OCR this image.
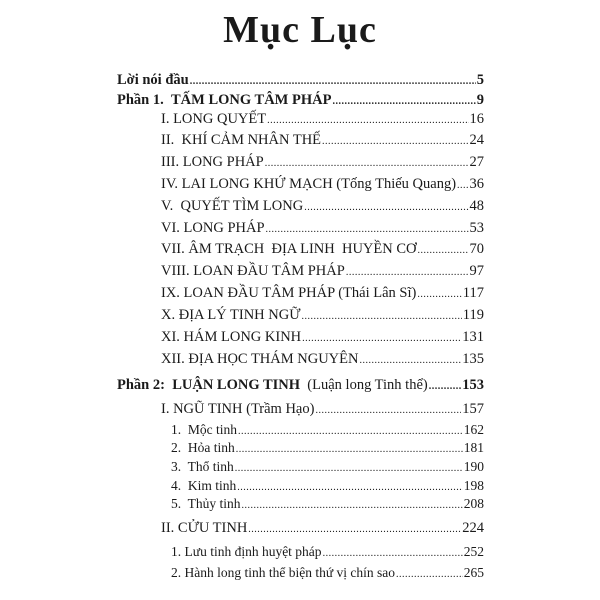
Mục Lục
Lời nói đầu .....	5
Phần 1. TẤM LONG TÂM PHÁP .....	9
I. LONG QUYẾT .....	16
II.  KHÍ CẢM NHÂN THẾ .....	24
III. LONG PHÁP .....	27
IV. LAI LONG KHỨ MẠCH (Tống Thiếu Quang) ..... 36
V.  QUYẾT TÌM LONG .....	48
VI. LONG PHÁP .....	53
VII. ÂM TRẠCH  ĐỊA LINH  HUYỀN CƠ .....	70
VIII. LOAN ĐẦU TÂM PHÁP .....	97
IX. LOAN ĐẦU TÂM PHÁP (Thái Lân Sĩ) .....	117
X. ĐỊA LÝ TINH NGỮ .....	119
XI. HÁM LONG KINH .....	131
XII. ĐỊA HỌC THÁM NGUYÊN .....	135
Phần 2: LUẬN LONG TINH (Luận long Tinh thể) ..... 153
I. NGŨ TINH (Trầm Hạo) .....	157
1.  Mộc tinh .....	162
2.  Hỏa tinh .....	181
3.  Thổ tinh .....	190
4.  Kim tinh .....	198
5.  Thủy tinh .....	208
II. CỬU TINH .....	224
1. Lưu tinh định huyệt pháp .....	252
2. Hành long tinh thể biện thứ vị chín sao .....	265
